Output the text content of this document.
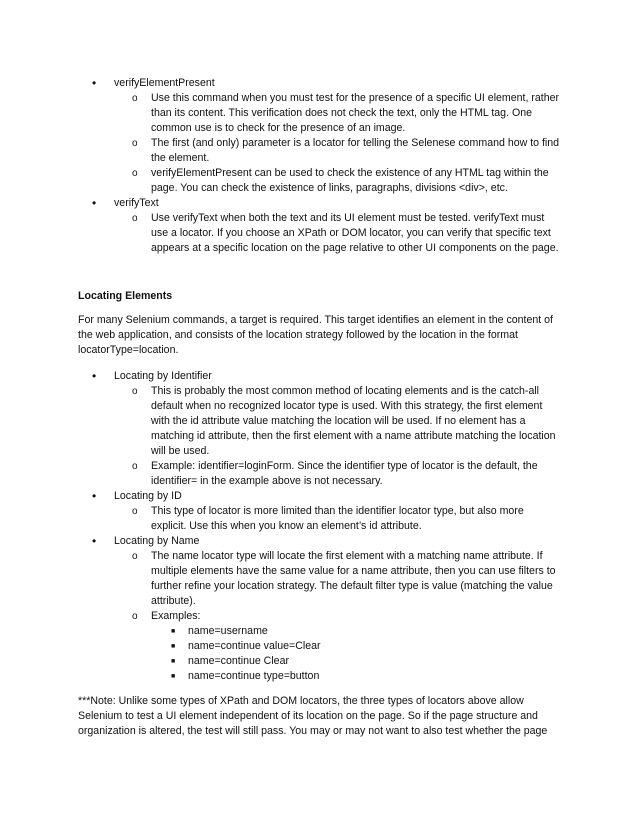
• verifyElementPresent
o Use this command when you must test for the presence of a specific UI element, rather than its content. This verification does not check the text, only the HTML tag. One common use is to check for the presence of an image.
o The first (and only) parameter is a locator for telling the Selenese command how to find the element.
o verifyElementPresent can be used to check the existence of any HTML tag within the page. You can check the existence of links, paragraphs, divisions <div>, etc.
• verifyText
o Use verifyText when both the text and its UI element must be tested. verifyText must use a locator. If you choose an XPath or DOM locator, you can verify that specific text appears at a specific location on the page relative to other UI components on the page.
Locating Elements
For many Selenium commands, a target is required. This target identifies an element in the content of the web application, and consists of the location strategy followed by the location in the format locatorType=location.
• Locating by Identifier
o This is probably the most common method of locating elements and is the catch-all default when no recognized locator type is used. With this strategy, the first element with the id attribute value matching the location will be used. If no element has a matching id attribute, then the first element with a name attribute matching the location will be used.
o Example: identifier=loginForm. Since the identifier type of locator is the default, the identifier= in the example above is not necessary.
• Locating by ID
o This type of locator is more limited than the identifier locator type, but also more explicit. Use this when you know an element’s id attribute.
• Locating by Name
o The name locator type will locate the first element with a matching name attribute. If multiple elements have the same value for a name attribute, then you can use filters to further refine your location strategy. The default filter type is value (matching the value attribute).
o Examples:
■ name=username
■ name=continue value=Clear
■ name=continue Clear
■ name=continue type=button
***Note: Unlike some types of XPath and DOM locators, the three types of locators above allow Selenium to test a UI element independent of its location on the page. So if the page structure and organization is altered, the test will still pass. You may or may not want to also test whether the page
